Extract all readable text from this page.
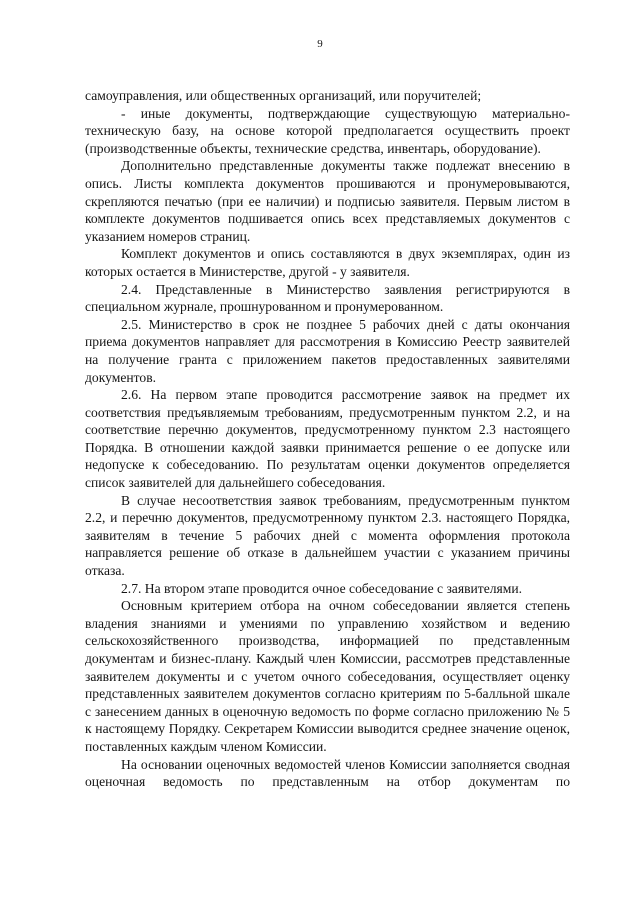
9

самоуправления, или общественных организаций, или поручителей;

- иные документы, подтверждающие существующую материально-техническую базу, на основе которой предполагается осуществить проект (производственные объекты, технические средства, инвентарь, оборудование).

Дополнительно представленные документы также подлежат внесению в опись. Листы комплекта документов прошиваются и пронумеровываются, скрепляются печатью (при ее наличии) и подписью заявителя. Первым листом в комплекте документов подшивается опись всех представляемых документов с указанием номеров страниц.

Комплект документов и опись составляются в двух экземплярах, один из которых остается в Министерстве, другой - у заявителя.

2.4. Представленные в Министерство заявления регистрируются в специальном журнале, прошнурованном и пронумерованном.

2.5. Министерство в срок не позднее 5 рабочих дней с даты окончания приема документов направляет для рассмотрения в Комиссию Реестр заявителей на получение гранта с приложением пакетов предоставленных заявителями документов.

2.6. На первом этапе проводится рассмотрение заявок на предмет их соответствия предъявляемым требованиям, предусмотренным пунктом 2.2, и на соответствие перечню документов, предусмотренному пунктом 2.3 настоящего Порядка. В отношении каждой заявки принимается решение о ее допуске или недопуске к собеседованию. По результатам оценки документов определяется список заявителей для дальнейшего собеседования.

В случае несоответствия заявок требованиям, предусмотренным пунктом 2.2, и перечню документов, предусмотренному пунктом 2.3. настоящего Порядка, заявителям в течение 5 рабочих дней с момента оформления протокола направляется решение об отказе в дальнейшем участии с указанием причины отказа.

2.7. На втором этапе проводится очное собеседование с заявителями.

Основным критерием отбора на очном собеседовании является степень владения знаниями и умениями по управлению хозяйством и ведению сельскохозяйственного производства, информацией по представленным документам и бизнес-плану. Каждый член Комиссии, рассмотрев представленные заявителем документы и с учетом очного собеседования, осуществляет оценку представленных заявителем документов согласно критериям по 5-балльной шкале с занесением данных в оценочную ведомость по форме согласно приложению № 5 к настоящему Порядку. Секретарем Комиссии выводится среднее значение оценок, поставленных каждым членом Комиссии.

На основании оценочных ведомостей членов Комиссии заполняется сводная оценочная ведомость по представленным на отбор документам по
